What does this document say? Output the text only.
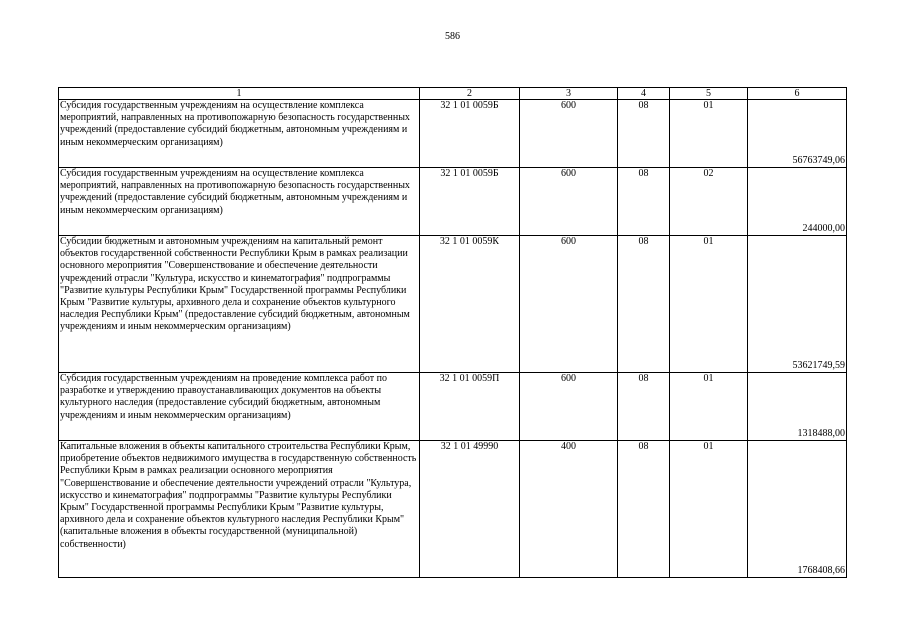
586
1	2	3	4	5	6
Субсидия государственным учреждениям на осуществление комплекса мероприятий, направленных на противопожарную безопасность государственных учреждений (предоставление субсидий бюджетным, автономным учреждениям и иным некоммерческим организациям)	32 1 01 0059Б	600	08	01	56763749,06
Субсидия государственным учреждениям на осуществление комплекса мероприятий, направленных на противопожарную безопасность государственных учреждений (предоставление субсидий бюджетным, автономным учреждениям и иным некоммерческим организациям)	32 1 01 0059Б	600	08	02	244000,00
Субсидии бюджетным и автономным учреждениям на капитальный ремонт объектов государственной собственности Республики Крым в рамках реализации основного мероприятия "Совершенствование и обеспечение деятельности учреждений отрасли "Культура, искусство и кинематография" подпрограммы "Развитие культуры Республики Крым" Государственной программы Республики Крым "Развитие культуры, архивного дела и сохранение объектов культурного наследия Республики Крым" (предоставление субсидий бюджетным, автономным учреждениям и иным некоммерческим организациям)	32 1 01 0059К	600	08	01	53621749,59
Субсидия государственным учреждениям на проведение комплекса работ по разработке и утверждению правоустанавливающих документов на объекты культурного наследия (предоставление субсидий бюджетным, автономным учреждениям и иным некоммерческим организациям)	32 1 01 0059П	600	08	01	1318488,00
Капитальные вложения в объекты капитального строительства Республики Крым, приобретение объектов недвижимого имущества в государственную собственность Республики Крым в рамках реализации основного мероприятия "Совершенствование и обеспечение деятельности учреждений отрасли "Культура, искусство и кинематография" подпрограммы "Развитие культуры Республики Крым" Государственной программы Республики Крым "Развитие культуры, архивного дела и сохранение объектов культурного наследия Республики Крым" (капитальные вложения в объекты государственной (муниципальной) собственности)	32 1 01 49990	400	08	01	1768408,66
